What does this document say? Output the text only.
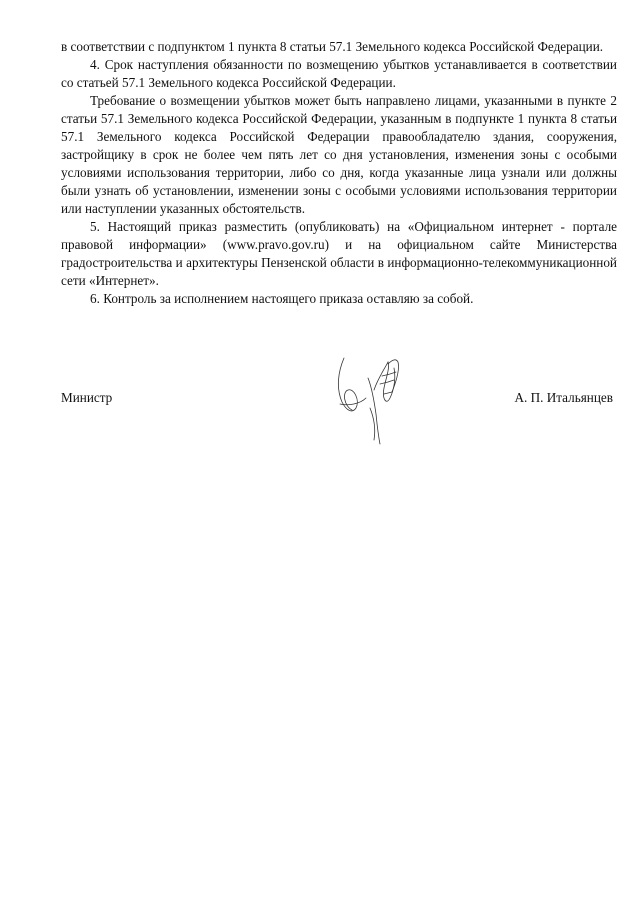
в соответствии с подпунктом 1 пункта 8 статьи 57.1 Земельного кодекса Российской Федерации.

4. Срок наступления обязанности по возмещению убытков устанавливается в соответствии со статьей 57.1 Земельного кодекса Российской Федерации.

Требование о возмещении убытков может быть направлено лицами, указанными в пункте 2 статьи 57.1 Земельного кодекса Российской Федерации, указанным в подпункте 1 пункта 8 статьи 57.1 Земельного кодекса Российской Федерации правообладателю здания, сооружения, застройщику в срок не более чем пять лет со дня установления, изменения зоны с особыми условиями использования территории, либо со дня, когда указанные лица узнали или должны были узнать об установлении, изменении зоны с особыми условиями использования территории или наступлении указанных обстоятельств.

5. Настоящий приказ разместить (опубликовать) на «Официальном интернет - портале правовой информации» (www.pravo.gov.ru) и на официальном сайте Министерства градостроительства и архитектуры Пензенской области в информационно-телекоммуникационной сети «Интернет».

6. Контроль за исполнением настоящего приказа оставляю за собой.

Министр	А. П. Итальянцев
